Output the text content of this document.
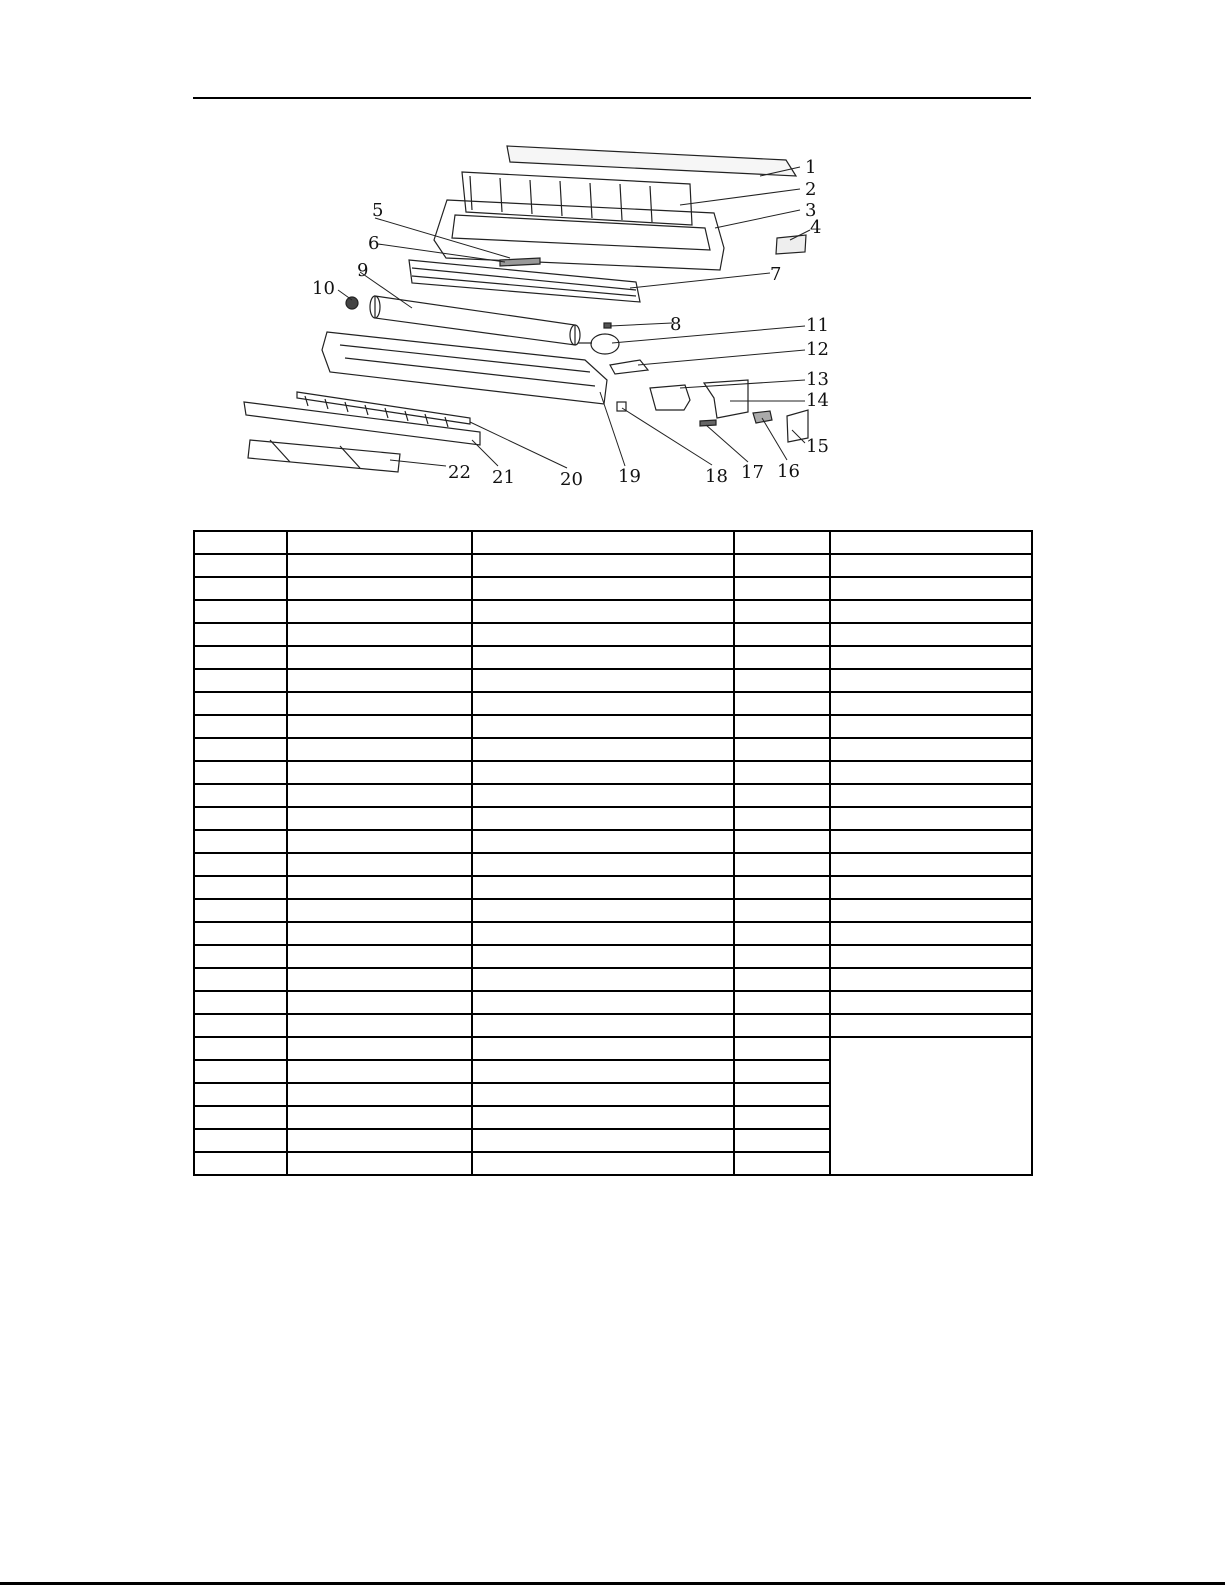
1
2
3
4
5
6
7
8
9
10
11
12
13
14
15
16
17
18
19
20
21
22
